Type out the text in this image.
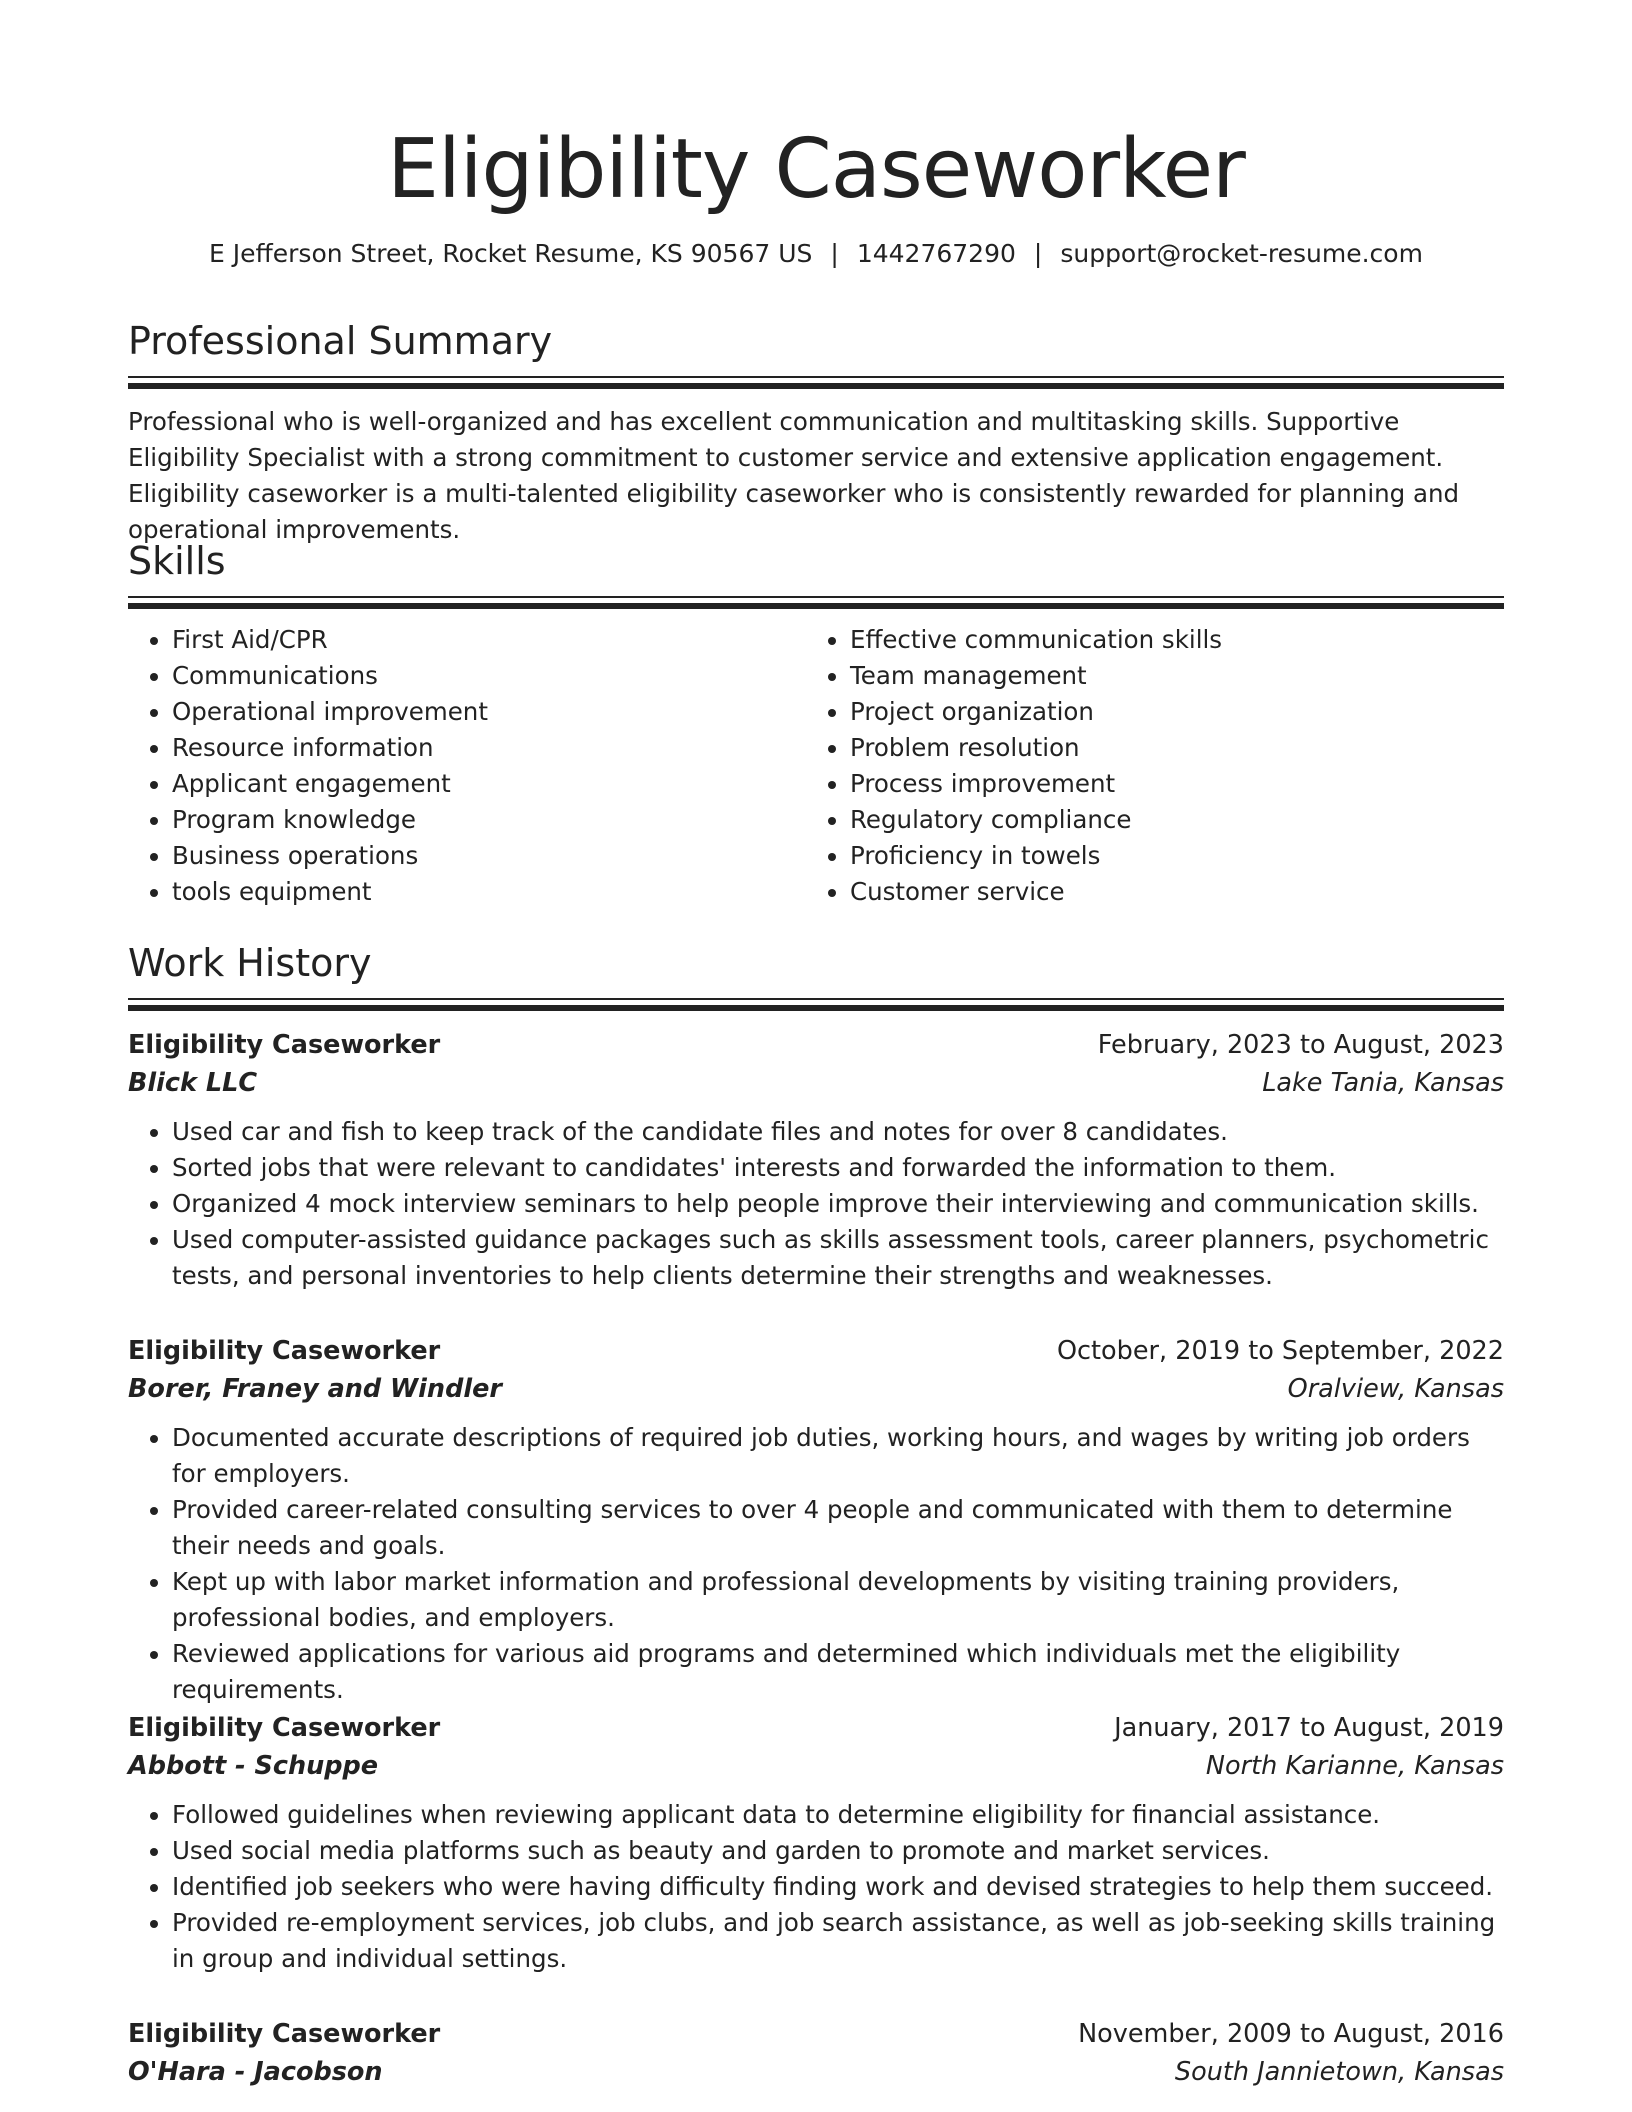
Eligibility Caseworker
E Jefferson Street, Rocket Resume, KS 90567 US | 1442767290 | support@rocket-resume.com
Professional Summary
Professional who is well-organized and has excellent communication and multitasking skills. Supportive Eligibility Specialist with a strong commitment to customer service and extensive application engagement. Eligibility caseworker is a multi-talented eligibility caseworker who is consistently rewarded for planning and operational improvements.
Skills
• First Aid/CPR
• Communications
• Operational improvement
• Resource information
• Applicant engagement
• Program knowledge
• Business operations
• tools equipment
• Effective communication skills
• Team management
• Project organization
• Problem resolution
• Process improvement
• Regulatory compliance
• Proficiency in towels
• Customer service
Work History
Eligibility Caseworker	February, 2023 to August, 2023
Blick LLC	Lake Tania, Kansas
• Used car and fish to keep track of the candidate files and notes for over 8 candidates.
• Sorted jobs that were relevant to candidates' interests and forwarded the information to them.
• Organized 4 mock interview seminars to help people improve their interviewing and communication skills.
• Used computer-assisted guidance packages such as skills assessment tools, career planners, psychometric tests, and personal inventories to help clients determine their strengths and weaknesses.
Eligibility Caseworker	October, 2019 to September, 2022
Borer, Franey and Windler	Oralview, Kansas
• Documented accurate descriptions of required job duties, working hours, and wages by writing job orders for employers.
• Provided career-related consulting services to over 4 people and communicated with them to determine their needs and goals.
• Kept up with labor market information and professional developments by visiting training providers, professional bodies, and employers.
• Reviewed applications for various aid programs and determined which individuals met the eligibility requirements.
Eligibility Caseworker	January, 2017 to August, 2019
Abbott - Schuppe	North Karianne, Kansas
• Followed guidelines when reviewing applicant data to determine eligibility for financial assistance.
• Used social media platforms such as beauty and garden to promote and market services.
• Identified job seekers who were having difficulty finding work and devised strategies to help them succeed.
• Provided re-employment services, job clubs, and job search assistance, as well as job-seeking skills training in group and individual settings.
Eligibility Caseworker	November, 2009 to August, 2016
O'Hara - Jacobson	South Jannietown, Kansas
